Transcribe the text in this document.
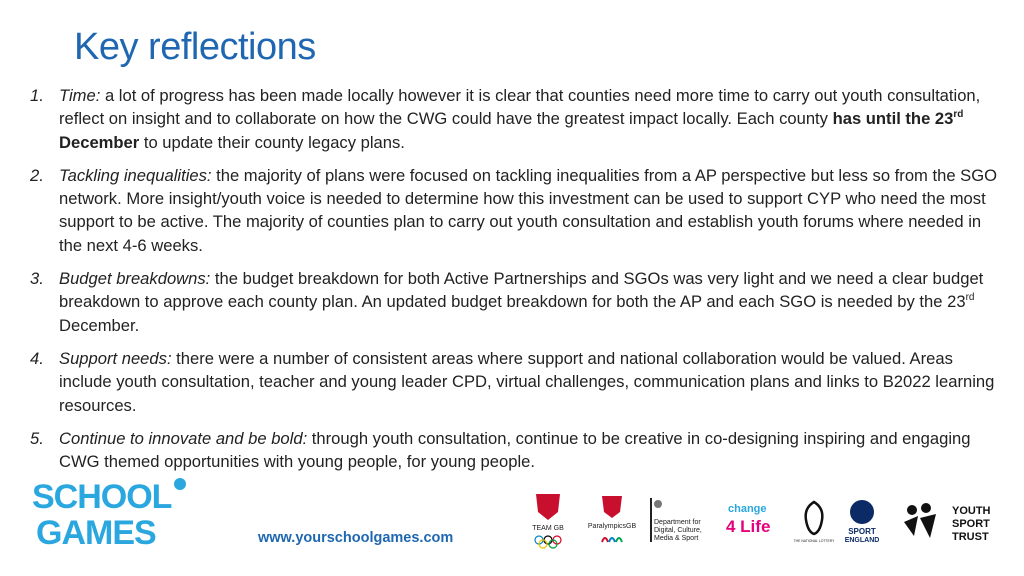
Key reflections
1. Time: a lot of progress has been made locally however it is clear that counties need more time to carry out youth consultation, reflect on insight and to collaborate on how the CWG could have the greatest impact locally. Each county has until the 23rd December to update their county legacy plans.
2. Tackling inequalities: the majority of plans were focused on tackling inequalities from a AP perspective but less so from the SGO network. More insight/youth voice is needed to determine how this investment can be used to support CYP who need the most support to be active. The majority of counties plan to carry out youth consultation and establish youth forums where needed in the next 4-6 weeks.
3. Budget breakdowns: the budget breakdown for both Active Partnerships and SGOs was very light and we need a clear budget breakdown to approve each county plan. An updated budget breakdown for both the AP and each SGO is needed by the 23rd December.
4. Support needs: there were a number of consistent areas where support and national collaboration would be valued. Areas include youth consultation, teacher and young leader CPD, virtual challenges, communication plans and links to B2022 learning resources.
5. Continue to innovate and be bold: through youth consultation, continue to be creative in co-designing inspiring and engaging CWG themed opportunities with young people, for young people.
SCHOOL
GAMES	www.yourschoolgames.com
TEAM GB	ParalympicsGB
Department for
Digital, Culture,
Media & Sport
change
4 Life
THE NATIONAL LOTTERY
SPORT
ENGLAND
YOUTH
SPORT
TRUST
